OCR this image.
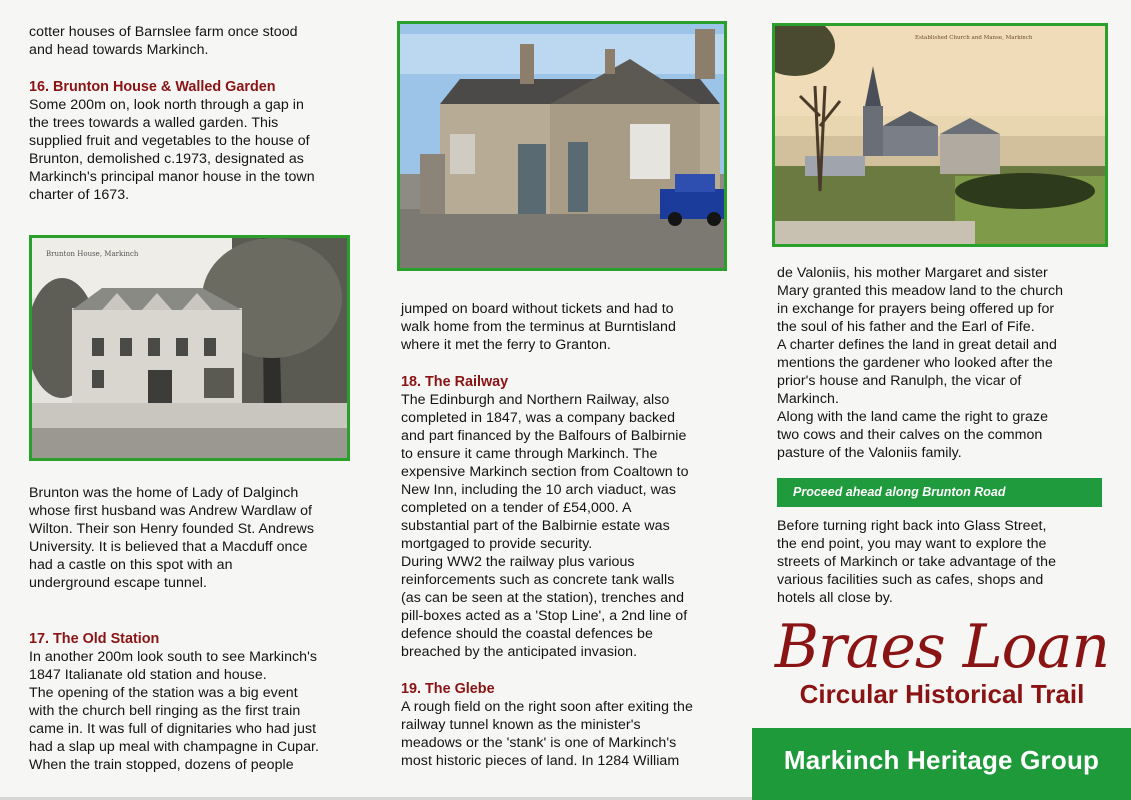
cotter houses of Barnslee farm once stood
and head towards Markinch.

16. Brunton House & Walled Garden

Some 200m on, look north through a gap in
the trees towards a walled garden. This
supplied fruit and vegetables to the house of
Brunton, demolished c.1973, designated as
Markinch's principal manor house in the town
charter of 1673.

Brunton House, Markinch

Brunton was the home of Lady of Dalginch
whose first husband was Andrew Wardlaw of
Wilton. Their son Henry founded St. Andrews
University. It is believed that a Macduff once
had a castle on this spot with an
underground escape tunnel.

17. The Old Station

In another 200m look south to see Markinch's
1847 Italianate old station and house.
The opening of the station was a big event
with the church bell ringing as the first train
came in. It was full of dignitaries who had just
had a slap up meal with champagne in Cupar.
When the train stopped, dozens of people

jumped on board without tickets and had to
walk home from the terminus at Burntisland
where it met the ferry to Granton.

18. The Railway

The Edinburgh and Northern Railway, also
completed in 1847, was a company backed
and part financed by the Balfours of Balbirnie
to ensure it came through Markinch. The
expensive Markinch section from Coaltown to
New Inn, including the 10 arch viaduct, was
completed on a tender of £54,000. A
substantial part of the Balbirnie estate was
mortgaged to provide security.
During WW2 the railway plus various
reinforcements such as concrete tank walls
(as can be seen at the station), trenches and
pill-boxes acted as a 'Stop Line', a 2nd line of
defence should the coastal defences be
breached by the anticipated invasion.

19. The Glebe

A rough field on the right soon after exiting the
railway tunnel known as the minister's
meadows or the 'stank' is one of Markinch's
most historic pieces of land. In 1284 William

Established Church and Manse, Markinch

de Valoniis, his mother Margaret and sister
Mary granted this meadow land to the church
in exchange for prayers being offered up for
the soul of his father and the Earl of Fife.
A charter defines the land in great detail and
mentions the gardener who looked after the
prior's house and Ranulph, the vicar of
Markinch.
Along with the land came the right to graze
two cows and their calves on the common
pasture of the Valoniis family.

Proceed ahead along Brunton Road

Before turning right back into Glass Street,
the end point, you may want to explore the
streets of Markinch or take advantage of the
various facilities such as cafes, shops and
hotels all close by.

Braes Loan
Circular Historical Trail
Markinch Heritage Group
